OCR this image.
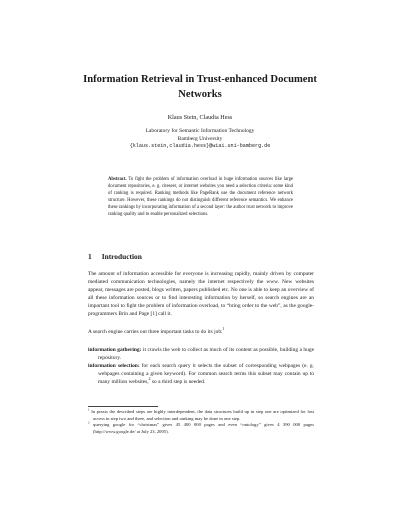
Information Retrieval in Trust-enhanced Document
Networks
Klaus Stein, Claudia Hess
Laboratory for Semantic Information Technology
Bamberg University
{klaus.stein,claudia.hess}@wiai.uni-bamberg.de
Abstract. To fight the problem of information overload in huge information sources like large document repositories, e. g. citeseer, or internet websites you need a selection criteria: some kind of ranking is required. Ranking methods like PageRank use the document reference network structure. However, these rankings do not distinguish different reference semantics. We enhance these rankings by incorporating information of a second layer: the author trust network to improve ranking quality and to enable personalized selections.
1 Introduction
The amount of information accessible for everyone is increasing rapidly, mainly driven by computer mediated communication technologies, namely the internet respectively the www. New websites appear, messages are posted, blogs written, papers published etc. No one is able to keep an overview of all these information sources or to find interesting information by herself, so search engines are an important tool to fight the problem of information overload, to “bring order to the web”, as the google-programmers Brin and Page [1] call it.
A search engine carries out three important tasks to do its job:$^1$

information gathering: it crawls the web to collect as much of its content as possible, building a huge repository.

information selection: for each search query it selects the subset of corresponding webpages (e. g. webpages containing a given keyword). For common search terms this subset may contain up to many million websites,$^2$ so a third step is needed.

$^1$ In praxis the described steps are highly interdependent, the data structures build up in step one are optimized for fast access in step two and three, and selection and ranking may be done in one step.

$^2$ querying google for “christmas” gives 45 400 000 pages and even “ontology” gives 4 390 000 pages (http://www.google.de/ at July 23, 2005).
